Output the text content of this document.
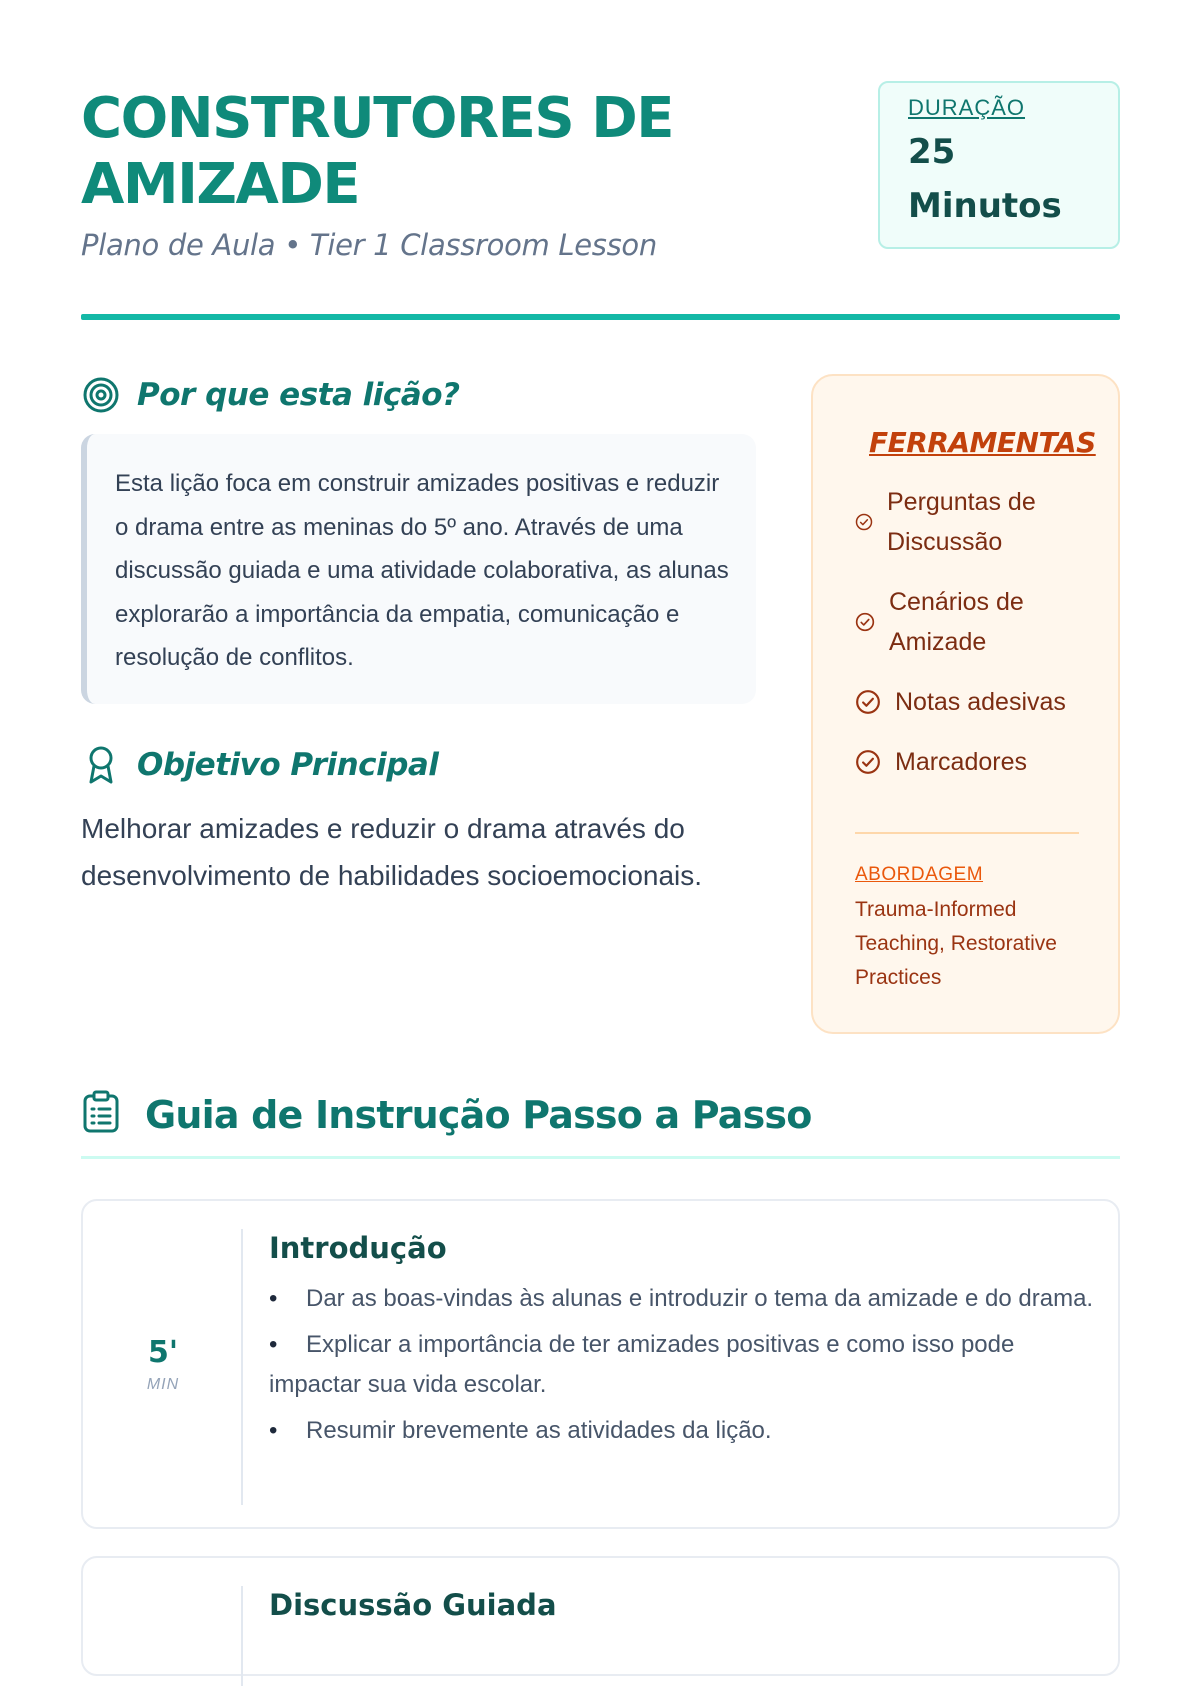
CONSTRUTORES DE AMIZADE
Plano de Aula • Tier 1 Classroom Lesson
DURAÇÃO
25 Minutos
Por que esta lição?

Esta lição foca em construir amizades positivas e reduzir o drama entre as meninas do 5º ano. Através de uma discussão guiada e uma atividade colaborativa, as alunas explorarão a importância da empatia, comunicação e resolução de conflitos.

Objetivo Principal

Melhorar amizades e reduzir o drama através do desenvolvimento de habilidades socioemocionais.

FERRAMENTAS
Perguntas de Discussão
Cenários de Amizade
Notas adesivas
Marcadores
ABORDAGEM
Trauma-Informed Teaching, Restorative Practices
Guia de Instrução Passo a Passo
5'
MIN
Introdução
• Dar as boas-vindas às alunas e introduzir o tema da amizade e do drama.
• Explicar a importância de ter amizades positivas e como isso pode impactar sua vida escolar.
• Resumir brevemente as atividades da lição.
Discussão Guiada
